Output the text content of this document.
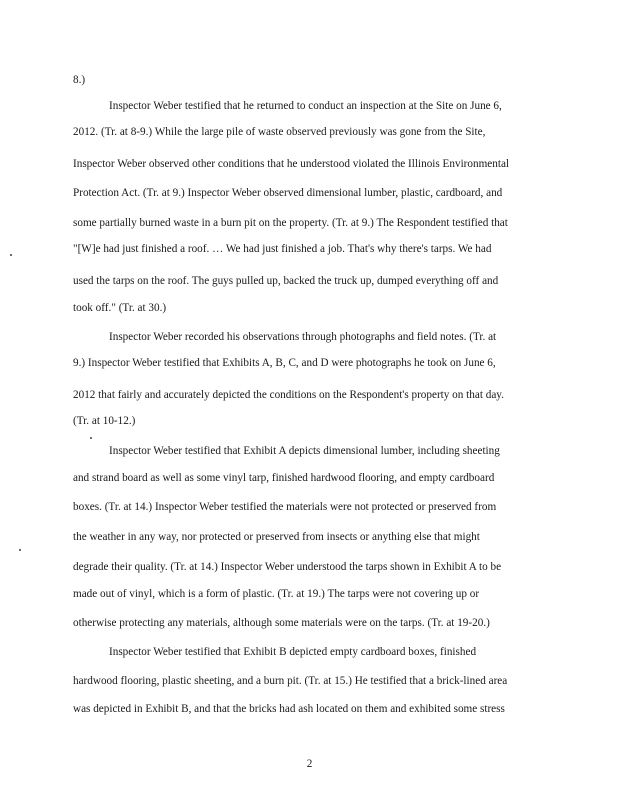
8.)
Inspector Weber testified that he returned to conduct an inspection at the Site on June 6,
2012. (Tr. at 8-9.) While the large pile of waste observed previously was gone from the Site,
Inspector Weber observed other conditions that he understood violated the Illinois Environmental
Protection Act. (Tr. at 9.) Inspector Weber observed dimensional lumber, plastic, cardboard, and
some partially burned waste in a burn pit on the property. (Tr. at 9.) The Respondent testified that
"[W]e had just finished a roof. … We had just finished a job. That's why there's tarps. We had
used the tarps on the roof. The guys pulled up, backed the truck up, dumped everything off and
took off." (Tr. at 30.)
Inspector Weber recorded his observations through photographs and field notes. (Tr. at
9.) Inspector Weber testified that Exhibits A, B, C, and D were photographs he took on June 6,
2012 that fairly and accurately depicted the conditions on the Respondent's property on that day.
(Tr. at 10-12.)
Inspector Weber testified that Exhibit A depicts dimensional lumber, including sheeting
and strand board as well as some vinyl tarp, finished hardwood flooring, and empty cardboard
boxes. (Tr. at 14.) Inspector Weber testified the materials were not protected or preserved from
the weather in any way, nor protected or preserved from insects or anything else that might
degrade their quality. (Tr. at 14.) Inspector Weber understood the tarps shown in Exhibit A to be
made out of vinyl, which is a form of plastic. (Tr. at 19.) The tarps were not covering up or
otherwise protecting any materials, although some materials were on the tarps. (Tr. at 19-20.)
Inspector Weber testified that Exhibit B depicted empty cardboard boxes, finished
hardwood flooring, plastic sheeting, and a burn pit. (Tr. at 15.) He testified that a brick-lined area
was depicted in Exhibit B, and that the bricks had ash located on them and exhibited some stress
2
